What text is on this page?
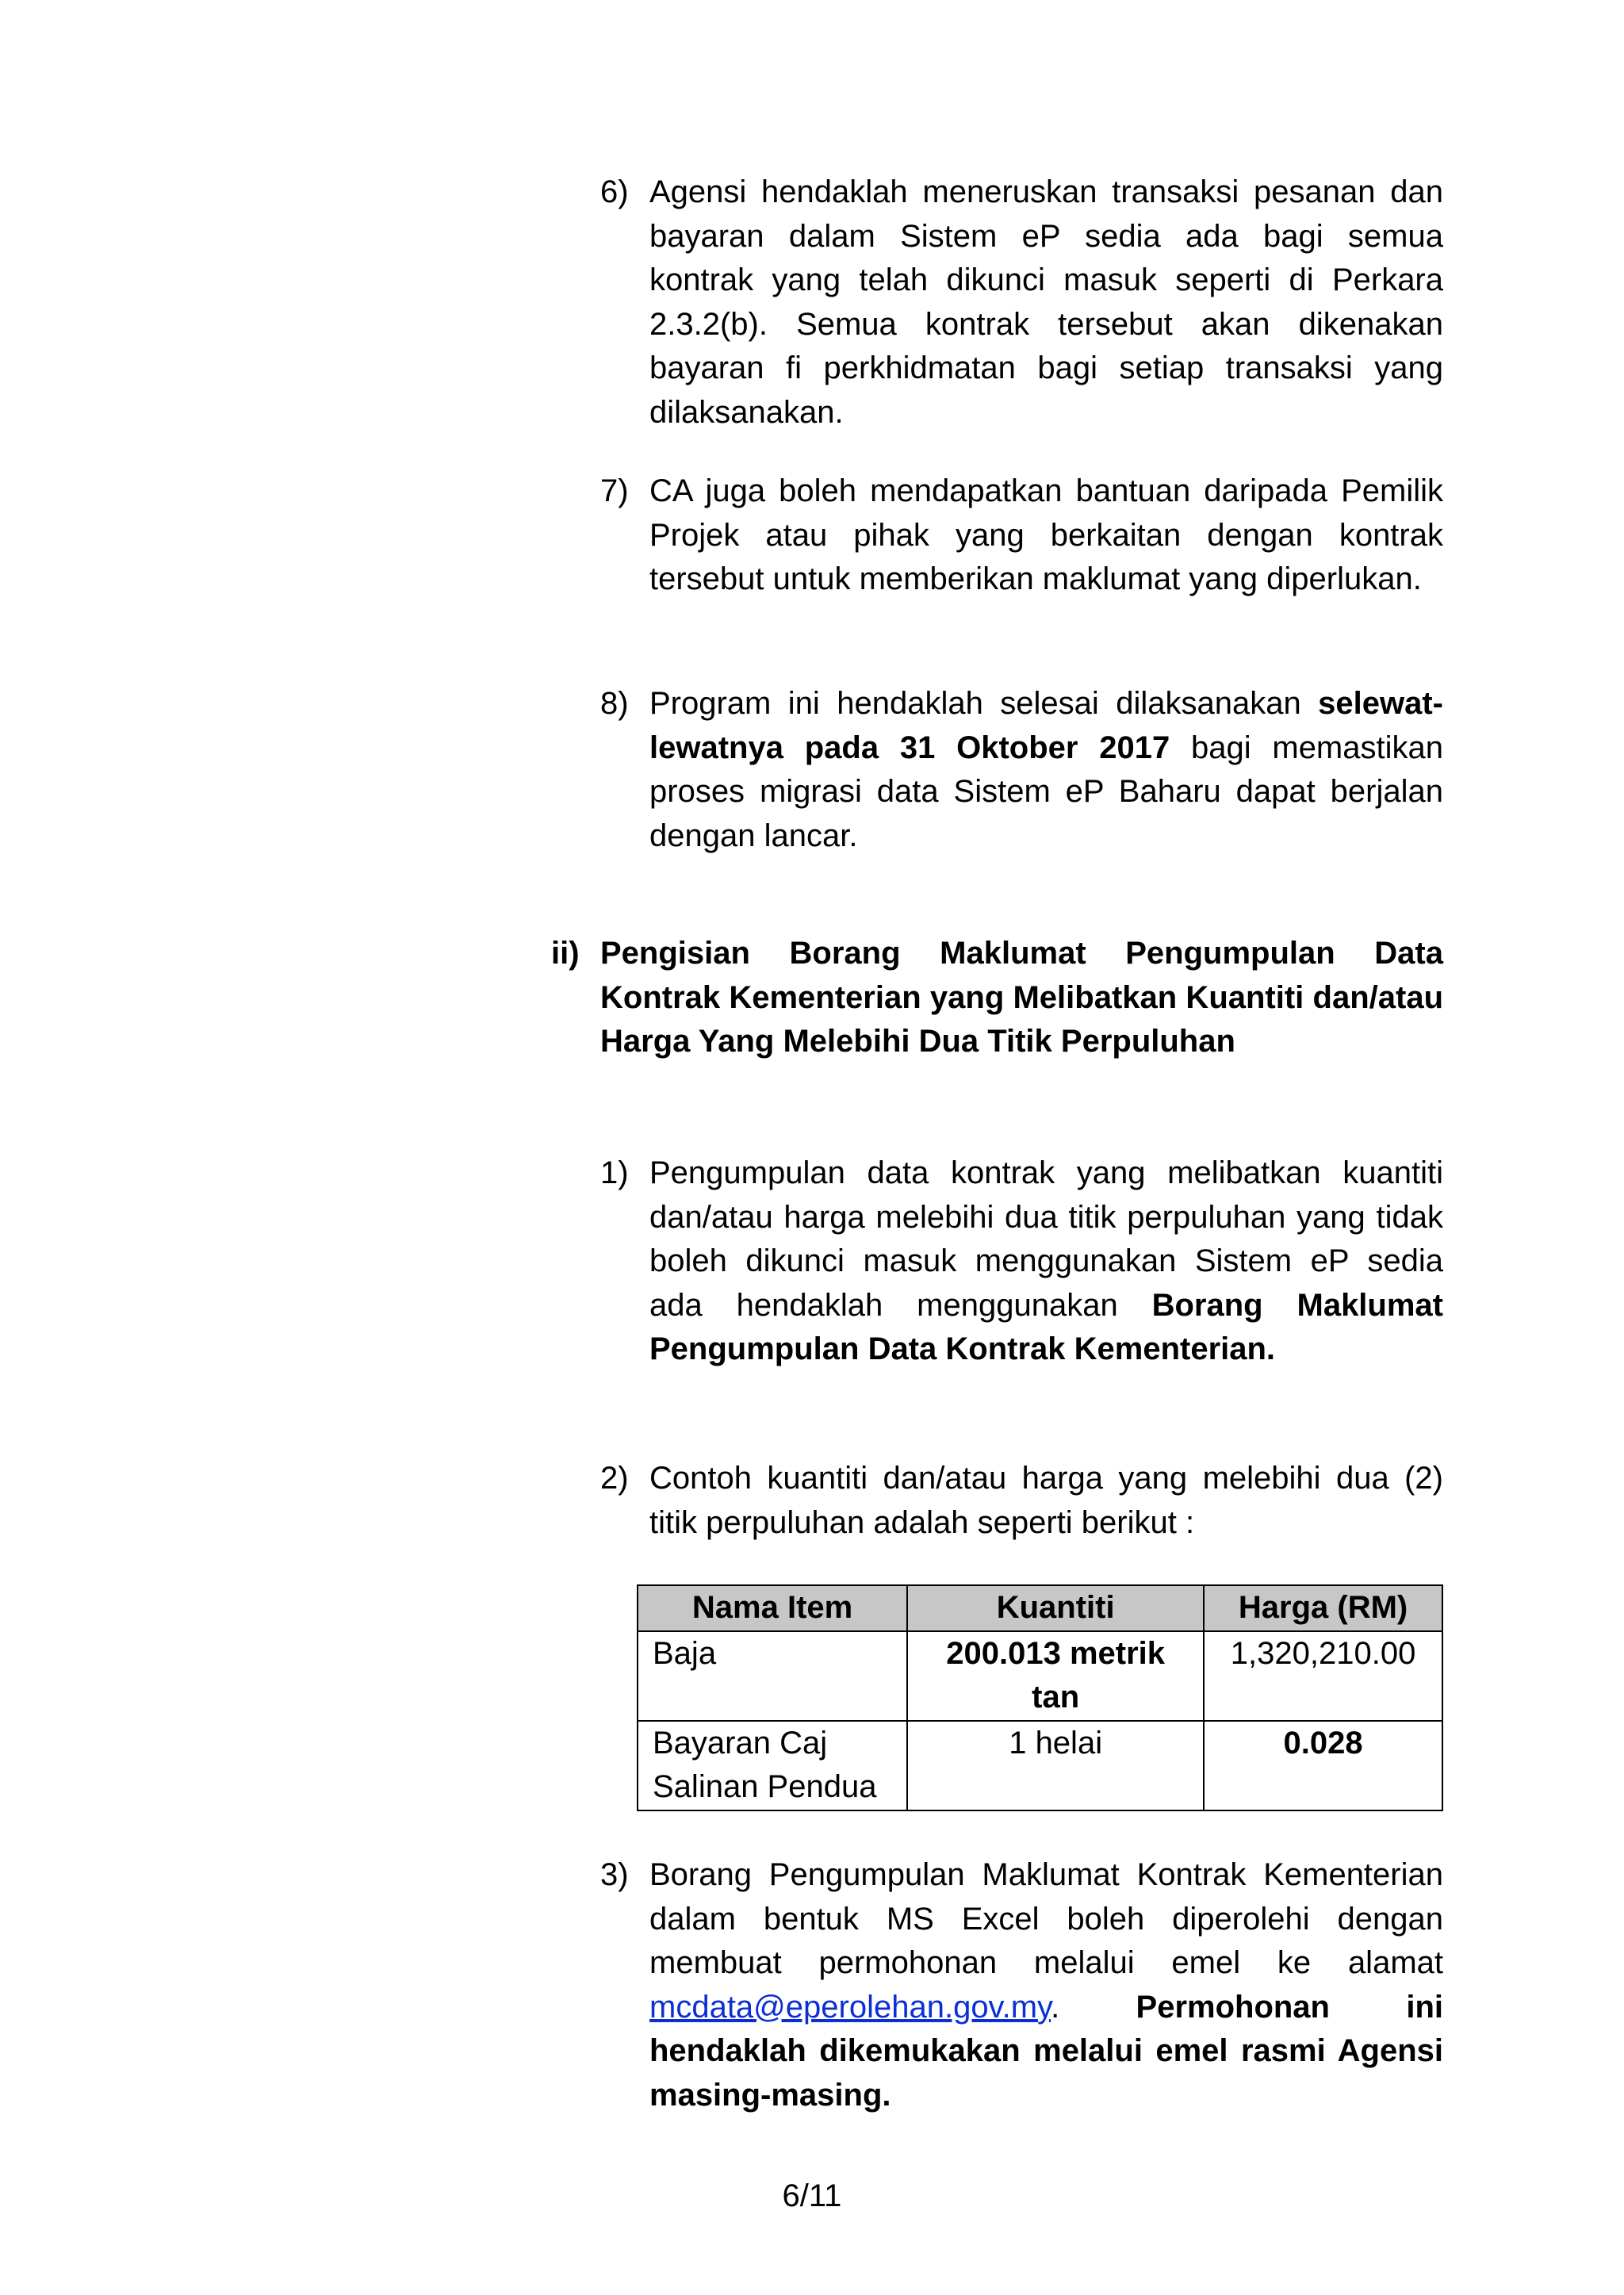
6) Agensi hendaklah meneruskan transaksi pesanan dan bayaran dalam Sistem eP sedia ada bagi semua kontrak yang telah dikunci masuk seperti di Perkara 2.3.2(b). Semua kontrak tersebut akan dikenakan bayaran fi perkhidmatan bagi setiap transaksi yang dilaksanakan.
7) CA juga boleh mendapatkan bantuan daripada Pemilik Projek atau pihak yang berkaitan dengan kontrak tersebut untuk memberikan maklumat yang diperlukan.
8) Program ini hendaklah selesai dilaksanakan selewat-lewatnya pada 31 Oktober 2017 bagi memastikan proses migrasi data Sistem eP Baharu dapat berjalan dengan lancar.
ii) Pengisian Borang Maklumat Pengumpulan Data Kontrak Kementerian yang Melibatkan Kuantiti dan/atau Harga Yang Melebihi Dua Titik Perpuluhan
1) Pengumpulan data kontrak yang melibatkan kuantiti dan/atau harga melebihi dua titik perpuluhan yang tidak boleh dikunci masuk menggunakan Sistem eP sedia ada hendaklah menggunakan Borang Maklumat Pengumpulan Data Kontrak Kementerian.
2) Contoh kuantiti dan/atau harga yang melebihi dua (2) titik perpuluhan adalah seperti berikut :
Nama Item	Kuantiti	Harga (RM)
Baja	200.013 metrik tan	1,320,210.00
Bayaran Caj Salinan Pendua	1 helai	0.028
3) Borang Pengumpulan Maklumat Kontrak Kementerian dalam bentuk MS Excel boleh diperolehi dengan membuat permohonan melalui emel ke alamat mcdata@eperolehan.gov.my. Permohonan ini hendaklah dikemukakan melalui emel rasmi Agensi masing-masing.
6/11
